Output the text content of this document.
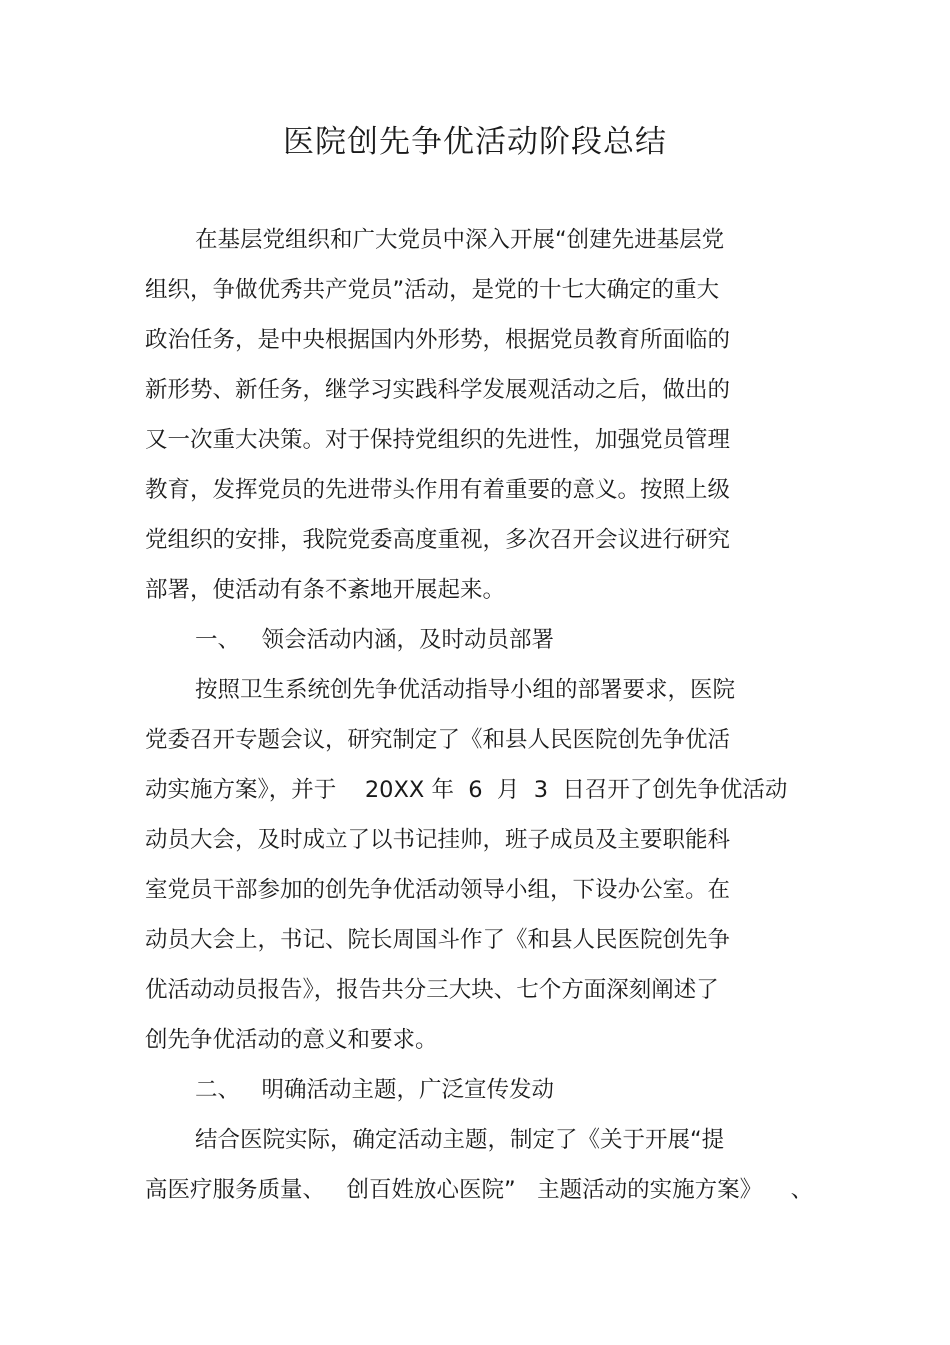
医院创先争优活动阶段总结

在基层党组织和广大党员中深入开展“创建先进基层党

组织，争做优秀共产党员”活动，是党的十七大确定的重大

政治任务，是中央根据国内外形势，根据党员教育所面临的

新形势、新任务，继学习实践科学发展观活动之后，做出的

又一次重大决策。对于保持党组织的先进性，加强党员管理

教育，发挥党员的先进带头作用有着重要的意义。按照上级

党组织的安排，我院党委高度重视，多次召开会议进行研究

部署，使活动有条不紊地开展起来。

一、   领会活动内涵，及时动员部署

按照卫生系统创先争优活动指导小组的部署要求，医院

党委召开专题会议，研究制定了《和县人民医院创先争优活

动实施方案》，并于    20XX 年  6  月  3  日召开了创先争优活动

动员大会，及时成立了以书记挂帅，班子成员及主要职能科

室党员干部参加的创先争优活动领导小组，下设办公室。在

动员大会上，书记、院长周国斗作了《和县人民医院创先争

优活动动员报告》，报告共分三大块、七个方面深刻阐述了

创先争优活动的意义和要求。

二、   明确活动主题，广泛宣传发动

结合医院实际，确定活动主题，制定了《关于开展“提

高医疗服务质量、   创百姓放心医院”   主题活动的实施方案》    、
